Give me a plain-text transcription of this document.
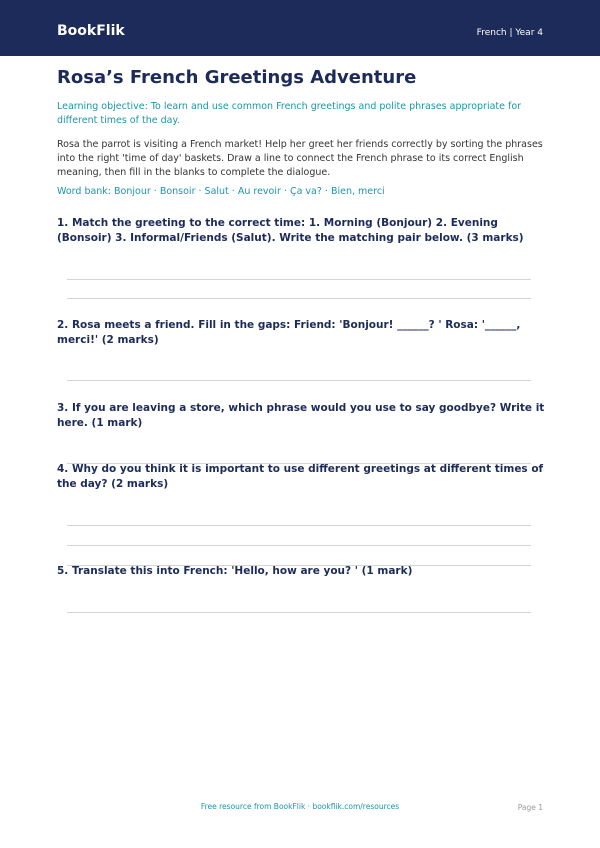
BookFlik	French | Year 4
Rosa’s French Greetings Adventure
Learning objective: To learn and use common French greetings and polite phrases appropriate for different times of the day.
Rosa the parrot is visiting a French market! Help her greet her friends correctly by sorting the phrases into the right 'time of day' baskets. Draw a line to connect the French phrase to its correct English meaning, then fill in the blanks to complete the dialogue.
Word bank: Bonjour · Bonsoir · Salut · Au revoir · Ça va? · Bien, merci
1. Match the greeting to the correct time: 1. Morning (Bonjour) 2. Evening (Bonsoir) 3. Informal/Friends (Salut). Write the matching pair below. (3 marks)
2. Rosa meets a friend. Fill in the gaps: Friend: 'Bonjour! ______? ' Rosa: '______, merci!' (2 marks)
3. If you are leaving a store, which phrase would you use to say goodbye? Write it here. (1 mark)
4. Why do you think it is important to use different greetings at different times of the day? (2 marks)
5. Translate this into French: 'Hello, how are you? ' (1 mark)
Free resource from BookFlik · bookflik.com/resources	Page 1
